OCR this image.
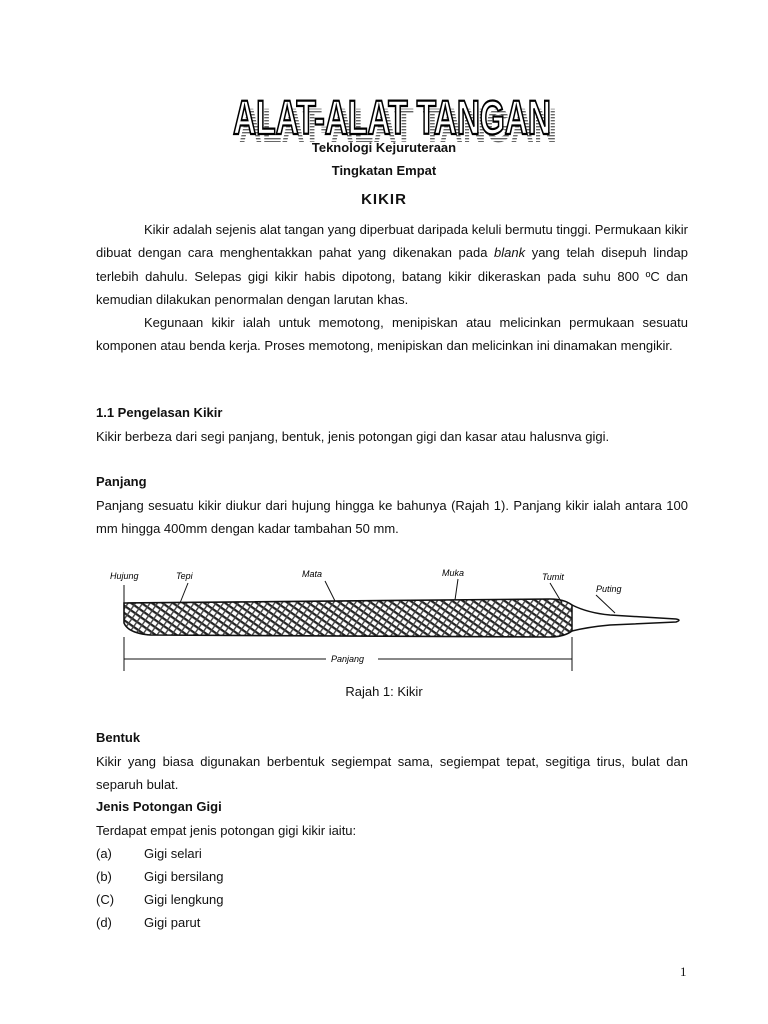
ALAT-ALAT TANGAN
ALAT-ALAT TANGAN
Teknologi Kejuruteraan
Tingkatan Empat
KIKIR

Kikir adalah sejenis alat tangan yang diperbuat daripada keluli bermutu tinggi. Permukaan kikir dibuat dengan cara menghentakkan pahat yang dikenakan pada blank yang telah disepuh lindap terlebih dahulu. Selepas gigi kikir habis dipotong, batang kikir dikeraskan pada suhu 800 ºC dan kemudian dilakukan penormalan dengan larutan khas.

Kegunaan kikir ialah untuk memotong, menipiskan atau melicinkan permukaan sesuatu komponen atau benda kerja. Proses memotong, menipiskan dan melicinkan ini dinamakan mengikir.

1.1 Pengelasan Kikir
Kikir berbeza dari segi panjang, bentuk, jenis potongan gigi dan kasar atau halusnva gigi.
Panjang

Panjang sesuatu kikir diukur dari hujung hingga ke bahunya (Rajah 1). Panjang kikir ialah antara 100 mm hingga 400mm dengan kadar tambahan 50 mm.

Hujung	Tepi	Mata	Muka	Tumit
Puting
Panjang
Rajah 1: Kikir
Bentuk

Kikir yang biasa digunakan berbentuk segiempat sama, segiempat tepat, segitiga tirus, bulat dan separuh bulat.

Jenis Potongan Gigi
Terdapat empat jenis potongan gigi kikir iaitu:
(a) Gigi selari
(b) Gigi bersilang
(C) Gigi lengkung
(d) Gigi parut
1
